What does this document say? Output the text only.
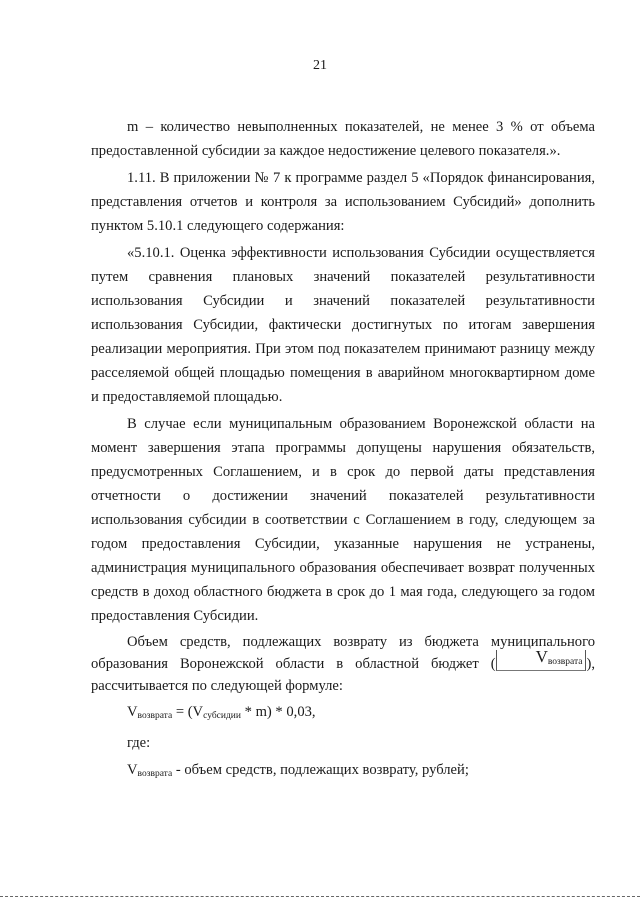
21

m – количество невыполненных показателей, не менее 3 % от объема предоставленной субсидии за каждое недостижение целевого показателя.».

1.11. В приложении № 7 к программе раздел 5 «Порядок финансирования, представления отчетов и контроля за использованием Субсидий» дополнить пунктом 5.10.1 следующего содержания:

«5.10.1. Оценка эффективности использования Субсидии осуществляется путем сравнения плановых значений показателей результативности использования Субсидии и значений показателей результативности использования Субсидии, фактически достигнутых по итогам завершения реализации мероприятия. При этом под показателем принимают разницу между расселяемой общей площадью помещения в аварийном многоквартирном доме и предоставляемой площадью.

В случае если муниципальным образованием Воронежской области на момент завершения этапа программы допущены нарушения обязательств, предусмотренных Соглашением, и в срок до первой даты представления отчетности о достижении значений показателей результативности использования субсидии в соответствии с Соглашением в году, следующем за годом предоставления Субсидии, указанные нарушения не устранены, администрация муниципального образования обеспечивает возврат полученных средств в доход областного бюджета в срок до 1 мая года, следующего за годом предоставления Субсидии.

Объем средств, подлежащих возврату из бюджета муниципального образования Воронежской области в областной бюджет ( $V_{возврата}$ ), рассчитывается по следующей формуле:

$V_{возврата} = (V_{субсидии} * m) * 0,03$,

где:

$V_{возврата}$ - объем средств, подлежащих возврату, рублей;
